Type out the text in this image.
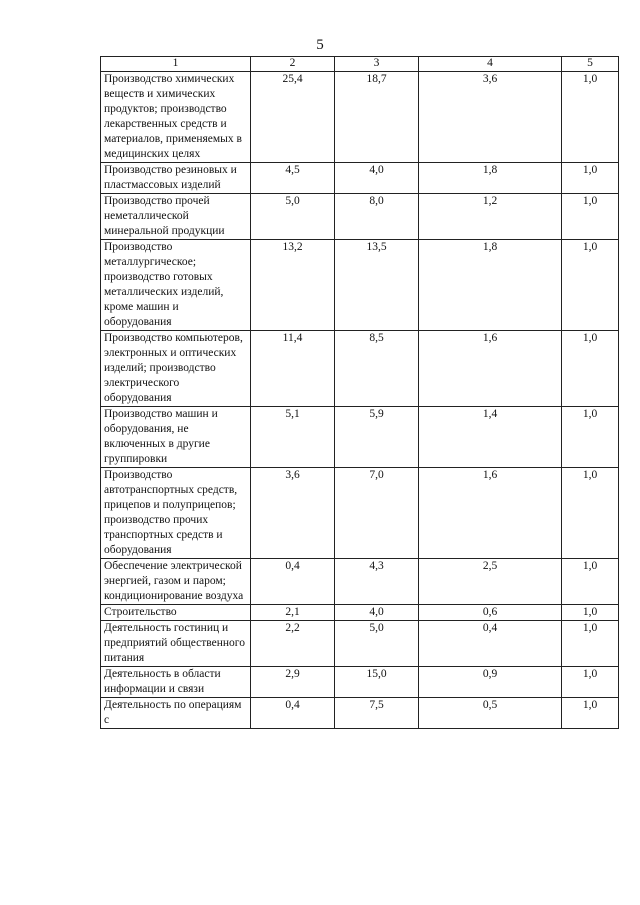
5
1	2	3	4	5
Производство химических веществ и химических продуктов; производство лекарственных средств и материалов, применяемых в медицинских целях	25,4	18,7	3,6	1,0
Производство резиновых и пластмассовых изделий	4,5	4,0	1,8	1,0
Производство прочей неметаллической минеральной продукции	5,0	8,0	1,2	1,0
Производство металлургическое; производство готовых металлических изделий, кроме машин и оборудования	13,2	13,5	1,8	1,0
Производство компьютеров, электронных и оптических изделий; производство электрического оборудования	11,4	8,5	1,6	1,0
Производство машин и оборудования, не включенных в другие группировки	5,1	5,9	1,4	1,0
Производство автотранспортных средств, прицепов и полуприцепов; производство прочих транспортных средств и оборудования	3,6	7,0	1,6	1,0
Обеспечение электрической энергией, газом и паром; кондиционирование воздуха	0,4	4,3	2,5	1,0
Строительство	2,1	4,0	0,6	1,0
Деятельность гостиниц и предприятий общественного питания	2,2	5,0	0,4	1,0
Деятельность в области информации и связи	2,9	15,0	0,9	1,0
Деятельность по операциям с	0,4	7,5	0,5	1,0
